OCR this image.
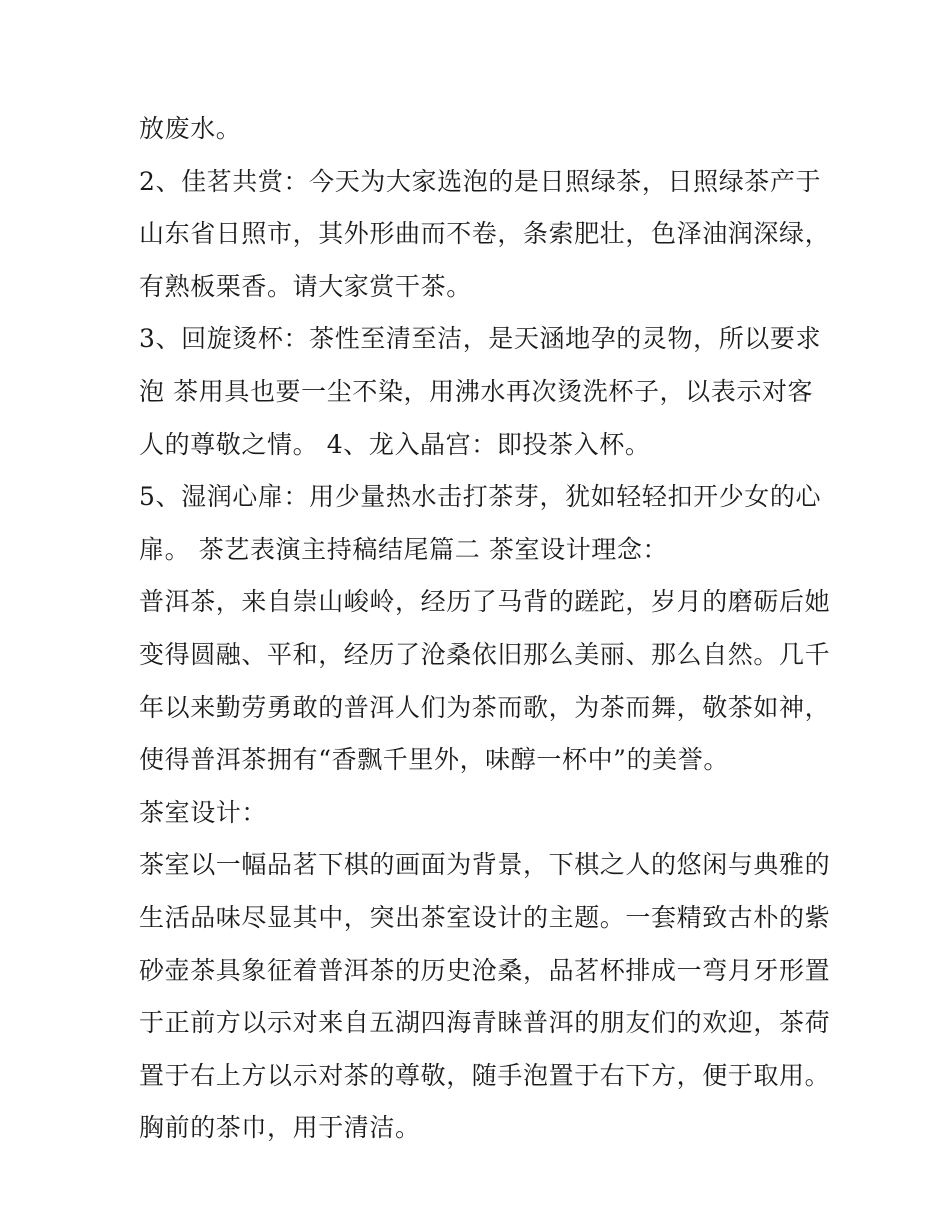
放废水。
2、佳茗共赏：今天为大家选泡的是日照绿茶，日照绿茶产于
山东省日照市，其外形曲而不卷，条索肥壮，色泽油润深绿，
有熟板栗香。请大家赏干茶。
3、回旋烫杯：茶性至清至洁，是天涵地孕的灵物，所以要求
泡 茶用具也要一尘不染，用沸水再次烫洗杯子，以表示对客
人的尊敬之情。 4、龙入晶宫：即投茶入杯。
5、湿润心扉：用少量热水击打茶芽，犹如轻轻扣开少女的心
扉。 茶艺表演主持稿结尾篇二 茶室设计理念：
普洱茶，来自崇山峻岭，经历了马背的蹉跎，岁月的磨砺后她
变得圆融、平和，经历了沧桑依旧那么美丽、那么自然。几千
年以来勤劳勇敢的普洱人们为茶而歌，为茶而舞，敬茶如神，
使得普洱茶拥有“香飘千里外，味醇一杯中”的美誉。
茶室设计：
茶室以一幅品茗下棋的画面为背景，下棋之人的悠闲与典雅的
生活品味尽显其中，突出茶室设计的主题。一套精致古朴的紫
砂壶茶具象征着普洱茶的历史沧桑，品茗杯排成一弯月牙形置
于正前方以示对来自五湖四海青睐普洱的朋友们的欢迎，茶荷
置于右上方以示对茶的尊敬，随手泡置于右下方，便于取用。
胸前的茶巾，用于清洁。
